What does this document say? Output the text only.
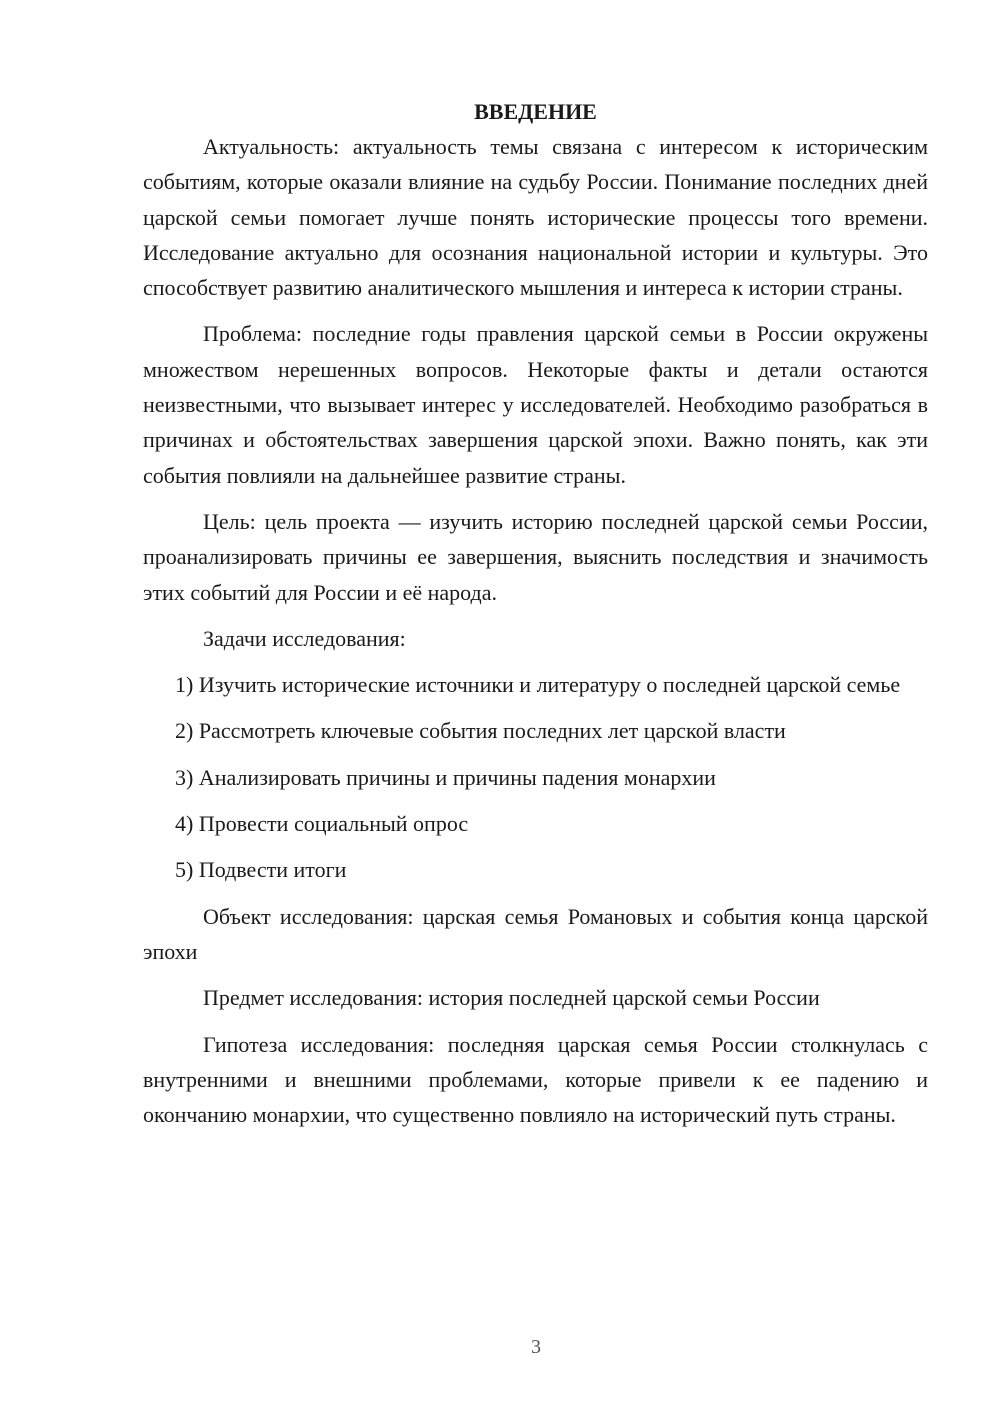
ВВЕДЕНИЕ

Актуальность: актуальность темы связана с интересом к историческим событиям, которые оказали влияние на судьбу России. Понимание последних дней царской семьи помогает лучше понять исторические процессы того времени. Исследование актуально для осознания национальной истории и культуры. Это способствует развитию аналитического мышления и интереса к истории страны.

Проблема: последние годы правления царской семьи в России окружены множеством нерешенных вопросов. Некоторые факты и детали остаются неизвестными, что вызывает интерес у исследователей. Необходимо разобраться в причинах и обстоятельствах завершения царской эпохи. Важно понять, как эти события повлияли на дальнейшее развитие страны.

Цель: цель проекта — изучить историю последней царской семьи России, проанализировать причины ее завершения, выяснить последствия и значимость этих событий для России и её народа.

Задачи исследования:

1) Изучить исторические источники и литературу о последней царской семье

2) Рассмотреть ключевые события последних лет царской власти

3) Анализировать причины и причины падения монархии

4) Провести социальный опрос

5) Подвести итоги

Объект исследования: царская семья Романовых и события конца царской эпохи

Предмет исследования: история последней царской семьи России

Гипотеза исследования: последняя царская семья России столкнулась с внутренними и внешними проблемами, которые привели к ее падению и окончанию монархии, что существенно повлияло на исторический путь страны.

3
